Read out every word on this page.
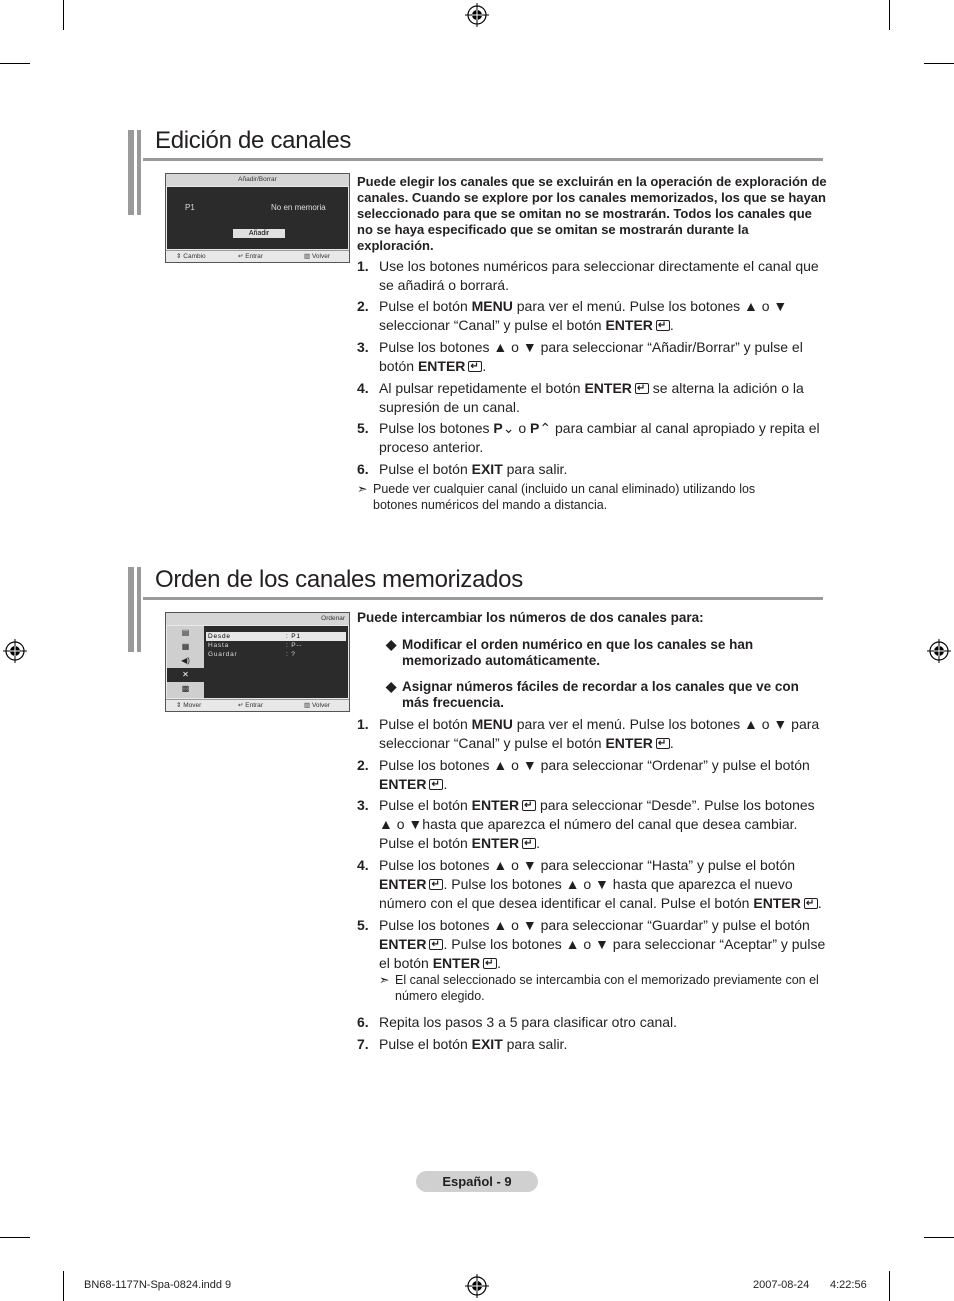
Edición de canales
Añadir/Borrar
P1	No en memoria
Añadir
⇕ Cambio	↵ Entrar	▥ Volver
Puede elegir los canales que se excluirán en la operación de exploración de canales. Cuando se explore por los canales memorizados, los que se hayan seleccionado para que se omitan no se mostrarán. Todos los canales que no se haya especificado que se omitan se mostrarán durante la exploración.
1. Use los botones numéricos para seleccionar directamente el canal que se añadirá o borrará.
2. Pulse el botón MENU para ver el menú. Pulse los botones ▲ o ▼ seleccionar “Canal” y pulse el botón ENTER ↵ .
3. Pulse los botones ▲ o ▼ para seleccionar “Añadir/Borrar” y pulse el botón ENTER ↵ .
4. Al pulsar repetidamente el botón ENTER↵ se alterna la adición o la supresión de un canal.
5. Pulse los botones P⌄ o P⌃ para cambiar al canal apropiado y repita el proceso anterior.
6. Pulse el botón EXIT para salir.
➣ Puede ver cualquier canal (incluido un canal eliminado) utilizando los botones numéricos del mando a distancia.
Orden de los canales memorizados
Ordenar
▤
▦
◀)
✕
▩
Desde	: P1
Hasta	: P--
Guardar	: ?
⇕ Mover	↵ Entrar	▥ Volver
Puede intercambiar los números de dos canales para:
◆ Modificar el orden numérico en que los canales se han memorizado automáticamente.
◆ Asignar números fáciles de recordar a los canales que ve con más frecuencia.
1. Pulse el botón MENU para ver el menú. Pulse los botones ▲ o ▼ para seleccionar “Canal” y pulse el botón ENTER ↵ .
2. Pulse los botones ▲ o ▼ para seleccionar “Ordenar” y pulse el botón ENTER ↵ .
3. Pulse el botón ENTER↵ para seleccionar “Desde”. Pulse los botones ▲ o ▼hasta que aparezca el número del canal que desea cambiar. Pulse el botón ENTER ↵ .
4. Pulse los botones ▲ o ▼ para seleccionar “Hasta” y pulse el botón ENTER ↵ . Pulse los botones ▲ o ▼ hasta que aparezca el nuevo número con el que desea identificar el canal. Pulse el botón ENTER↵ .
5. Pulse los botones ▲ o ▼ para seleccionar “Guardar” y pulse el botón ENTER ↵ . Pulse los botones ▲ o ▼ para seleccionar “Aceptar” y pulse el botón ENTER ↵ .
6. Repita los pasos 3 a 5 para clasificar otro canal.
7. Pulse el botón EXIT para salir.
➣ El canal seleccionado se intercambia con el memorizado previamente con el número elegido.
Español - 9
BN68-1177N-Spa-0824.indd 9	2007-08-24 4:22:56
